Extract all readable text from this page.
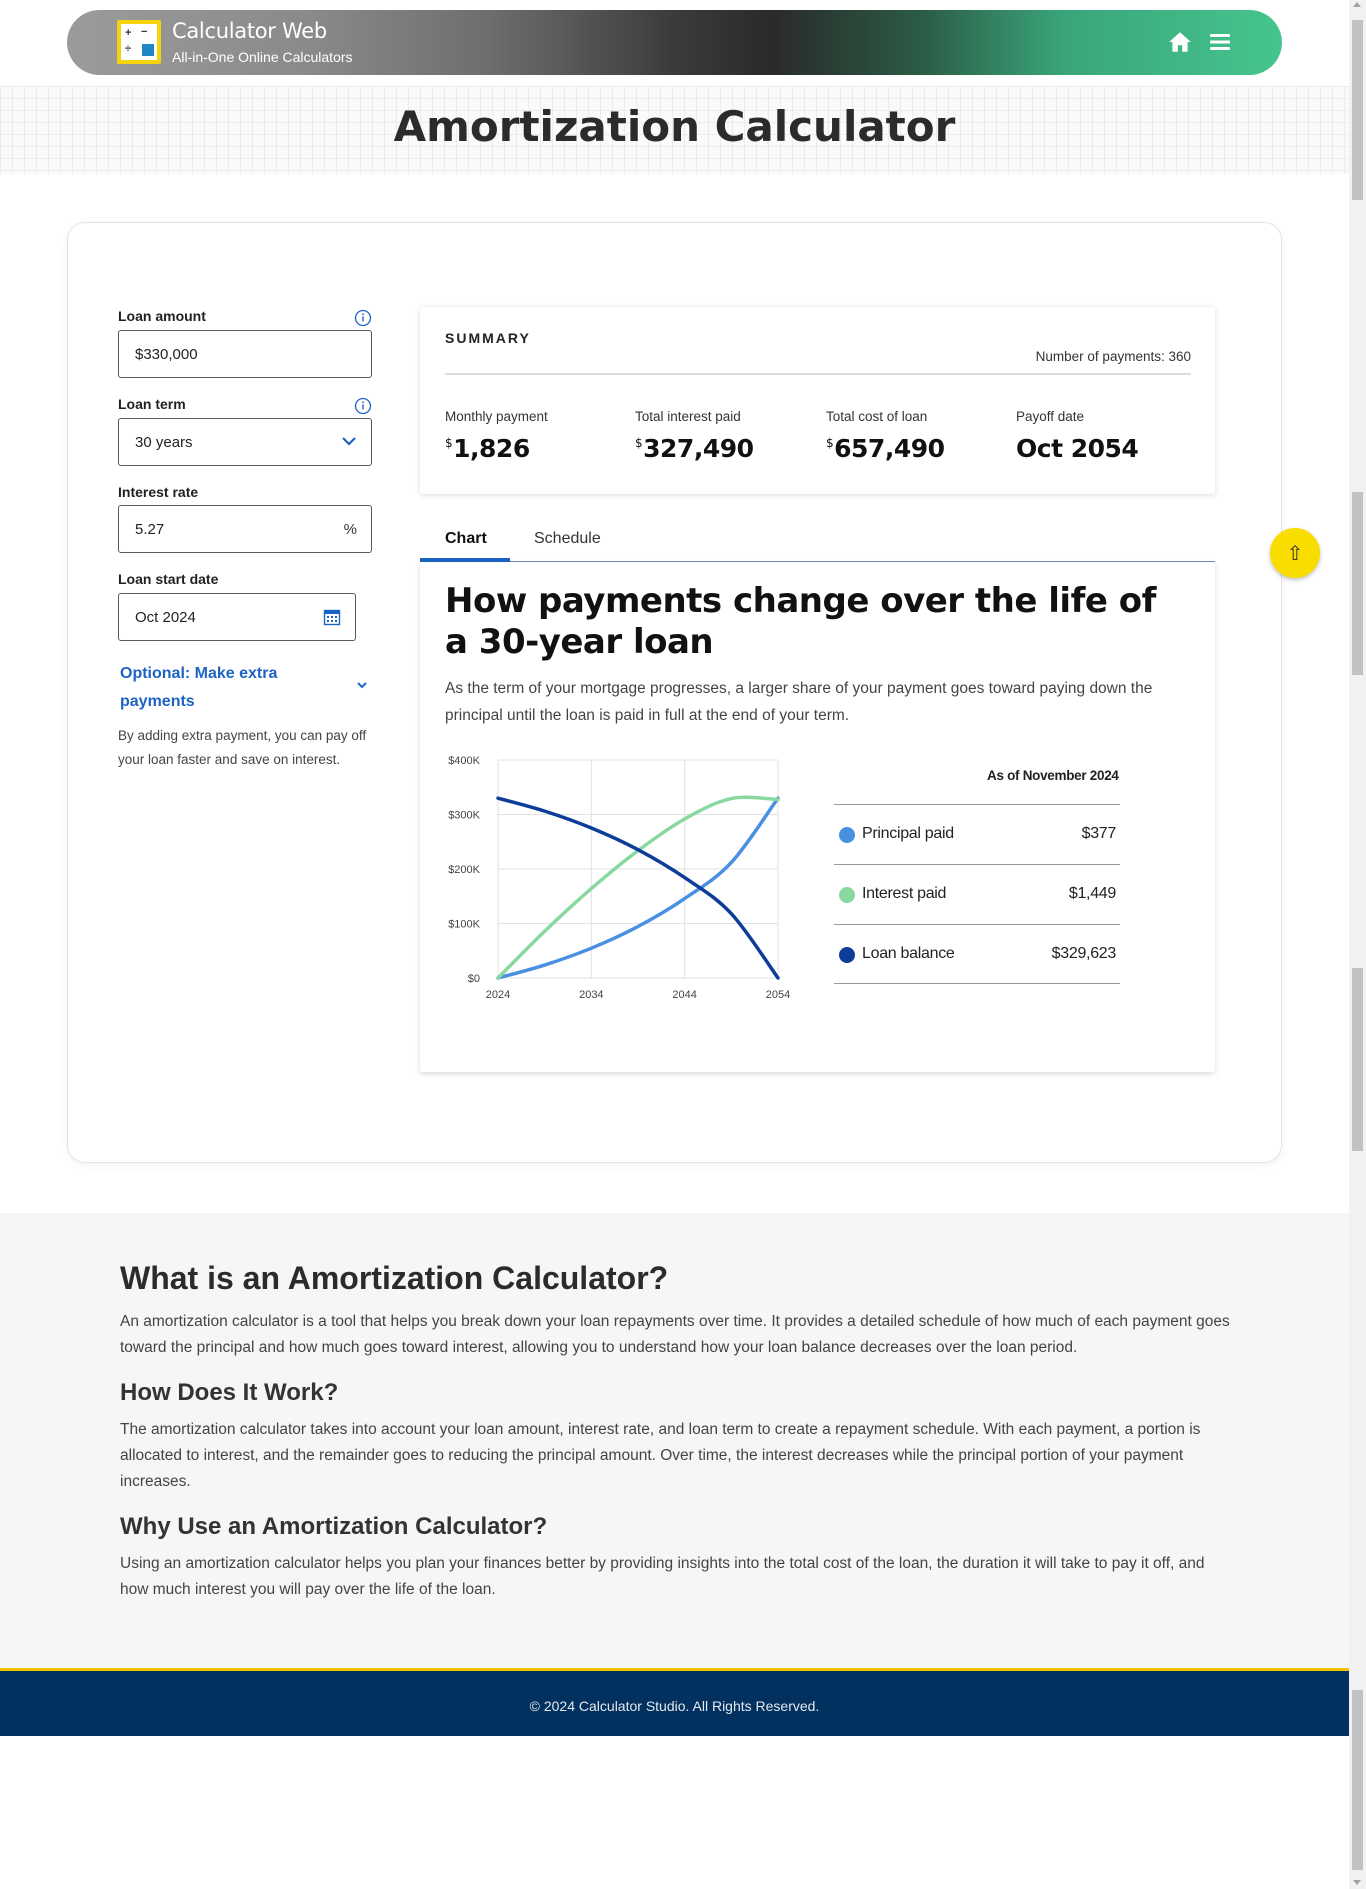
+ −
÷
Calculator Web
All-in-One Online Calculators
Amortization Calculator
Loan amount
$330,000
Loan term
30 years
Interest rate
5.27	%
Loan start date
Oct 2024
Optional: Make extra payments
By adding extra payment, you can pay off your loan faster and save on interest.
SUMMARY
Number of payments: 360
Monthly payment
$1,826
Total interest paid
$327,490
Total cost of loan
$657,490
Payoff date
Oct 2054
Chart	Schedule
How payments change over the life of a 30-year loan

As the term of your mortgage progresses, a larger share of your payment goes toward paying down the principal until the loan is paid in full at the end of your term.

$0
$100K
$200K
$300K
$400K
2024	2034	2044	2054
As of November 2024
Principal paid	$377
Interest paid	$1,449
Loan balance	$329,623
⇧
What is an Amortization Calculator?

An amortization calculator is a tool that helps you break down your loan repayments over time. It provides a detailed schedule of how much of each payment goes toward the principal and how much goes toward interest, allowing you to understand how your loan balance decreases over the loan period.

How Does It Work?

The amortization calculator takes into account your loan amount, interest rate, and loan term to create a repayment schedule. With each payment, a portion is allocated to interest, and the remainder goes to reducing the principal amount. Over time, the interest decreases while the principal portion of your payment increases.

Why Use an Amortization Calculator?

Using an amortization calculator helps you plan your finances better by providing insights into the total cost of the loan, the duration it will take to pay it off, and how much interest you will pay over the life of the loan.

© 2024 Calculator Studio. All Rights Reserved.
